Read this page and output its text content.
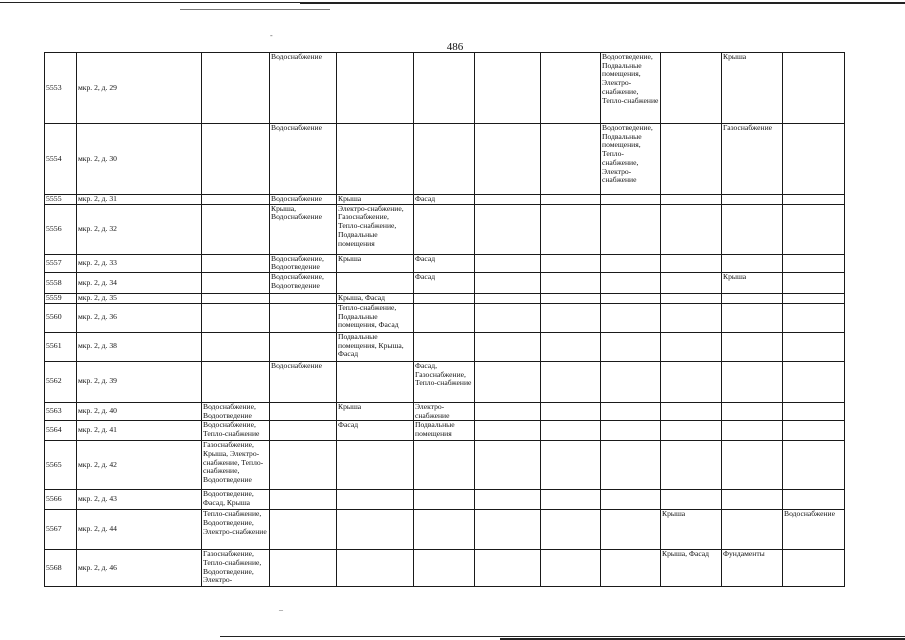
486
5553	мкр. 2, д. 29		Водоснабжение					Водоотведение, Подвальные помещения, Электро-снабжение, Тепло-снабжение		Крыша	
5554	мкр. 2, д. 30		Водоснабжение					Водоотведение, Подвальные помещения, Тепло-снабжение, Электро-снабжение		Газоснабжение	
5555	мкр. 2, д. 31		Водоснабжение	Крыша	Фасад						
5556	мкр. 2, д. 32		Крыша, Водоснабжение	Электро-снабжение, Газоснабжение, Тепло-снабжение, Подвальные помещения							
5557	мкр. 2, д. 33		Водоснабжение, Водоотведение	Крыша	Фасад						
5558	мкр. 2, д. 34		Водоснабжение, Водоотведение		Фасад					Крыша	
5559	мкр. 2, д. 35			Крыша, Фасад							
5560	мкр. 2, д. 36			Тепло-снабжение, Подвальные помещения, Фасад							
5561	мкр. 2, д. 38			Подвальные помещения, Крыша, Фасад							
5562	мкр. 2, д. 39		Водоснабжение		Фасад, Газоснабжение, Тепло-снабжение						
5563	мкр. 2, д. 40	Водоснабжение, Водоотведение		Крыша	Электро-снабжение						
5564	мкр. 2, д. 41	Водоснабжение, Тепло-снабжение		Фасад	Подвальные помещения						
5565	мкр. 2, д. 42	Газоснабжение, Крыша, Электро-снабжение, Тепло-снабжение, Водоотведение									
5566	мкр. 2, д. 43	Водоотведение, Фасад, Крыша									
5567	мкр. 2, д. 44	Тепло-снабжение, Водоотведение, Электро-снабжение							Крыша		Водоснабжение
5568	мкр. 2, д. 46	Газоснабжение, Тепло-снабжение, Водоотведение, Электро-							Крыша, Фасад	Фундаменты	
–
-
